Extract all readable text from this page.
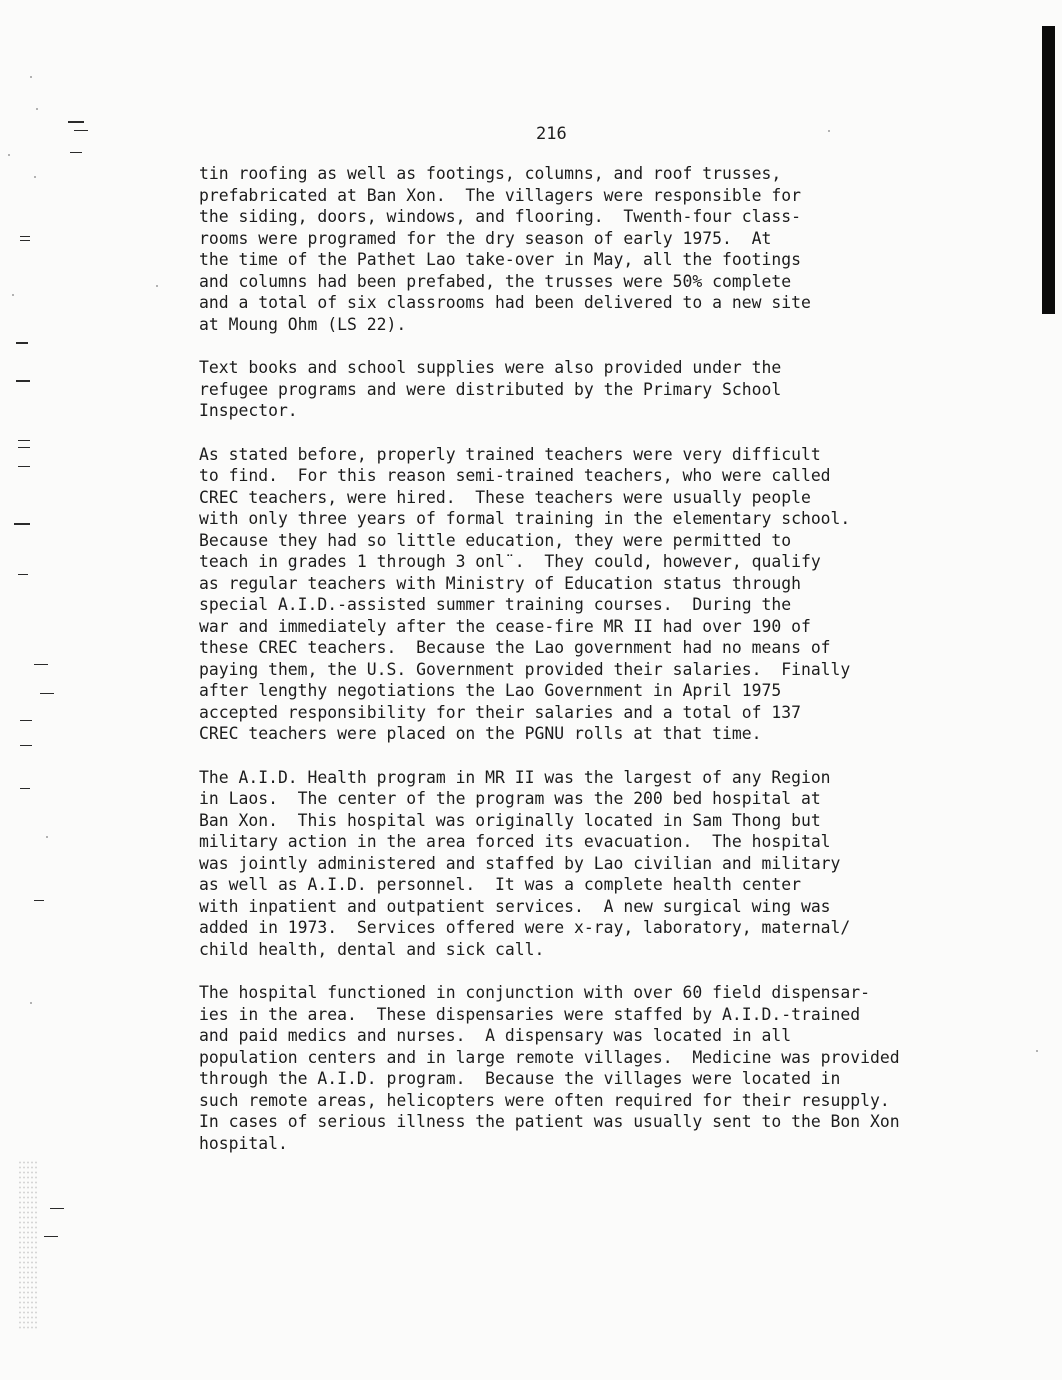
216

tin roofing as well as footings, columns, and roof trusses,
prefabricated at Ban Xon.  The villagers were responsible for
the siding, doors, windows, and flooring.  Twenth-four class-
rooms were programed for the dry season of early 1975.  At
the time of the Pathet Lao take-over in May, all the footings
and columns had been prefabed, the trusses were 50% complete
and a total of six classrooms had been delivered to a new site
at Moung Ohm (LS 22).

Text books and school supplies were also provided under the
refugee programs and were distributed by the Primary School
Inspector.

As stated before, properly trained teachers were very difficult
to find.  For this reason semi-trained teachers, who were called
CREC teachers, were hired.  These teachers were usually people
with only three years of formal training in the elementary school.
Because they had so little education, they were permitted to
teach in grades 1 through 3 onl¨.  They could, however, qualify
as regular teachers with Ministry of Education status through
special A.I.D.-assisted summer training courses.  During the
war and immediately after the cease-fire MR II had over 190 of
these CREC teachers.  Because the Lao government had no means of
paying them, the U.S. Government provided their salaries.  Finally
after lengthy negotiations the Lao Government in April 1975
accepted responsibility for their salaries and a total of 137
CREC teachers were placed on the PGNU rolls at that time.

The A.I.D. Health program in MR II was the largest of any Region
in Laos.  The center of the program was the 200 bed hospital at
Ban Xon.  This hospital was originally located in Sam Thong but
military action in the area forced its evacuation.  The hospital
was jointly administered and staffed by Lao civilian and military
as well as A.I.D. personnel.  It was a complete health center
with inpatient and outpatient services.  A new surgical wing was
added in 1973.  Services offered were x-ray, laboratory, maternal/
child health, dental and sick call.

The hospital functioned in conjunction with over 60 field dispensar-
ies in the area.  These dispensaries were staffed by A.I.D.-trained
and paid medics and nurses.  A dispensary was located in all
population centers and in large remote villages.  Medicine was provided
through the A.I.D. program.  Because the villages were located in
such remote areas, helicopters were often required for their resupply.
In cases of serious illness the patient was usually sent to the Bon Xon
hospital.
